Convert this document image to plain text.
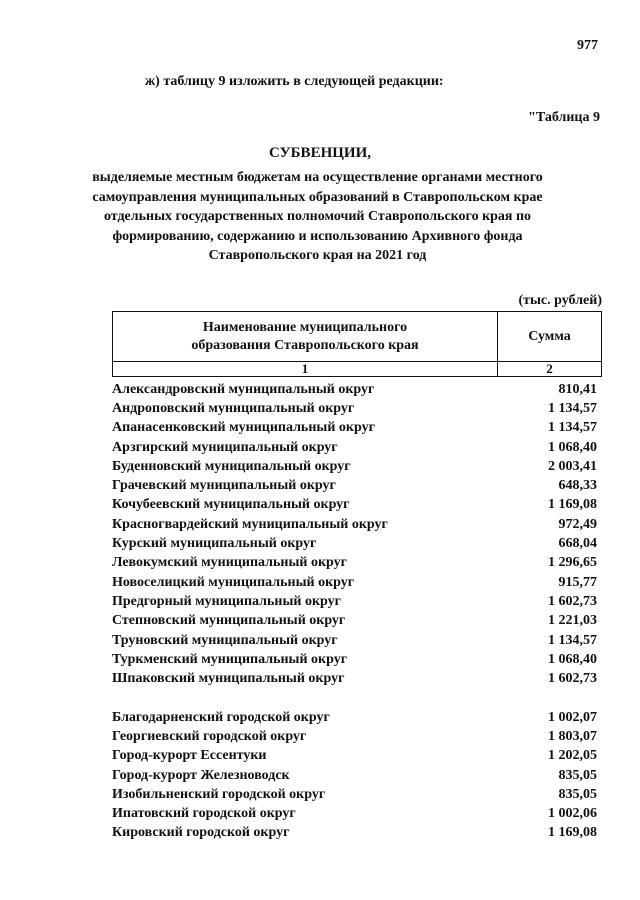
977
ж) таблицу 9 изложить в следующей редакции:
"Таблица 9
СУБВЕНЦИИ,
выделяемые местным бюджетам на осуществление органами местного
самоуправления муниципальных образований в Ставропольском крае
отдельных государственных полномочий Ставропольского края по
формированию, содержанию и использованию Архивного фонда
Ставропольского края на 2021 год
(тыс. рублей)
Наименование муниципального
образования Ставропольского края
Сумма
1	2
Александровский муниципальный округ	810,41
Андроповский муниципальный округ	1 134,57
Апанасенковский муниципальный округ	1 134,57
Арзгирский муниципальный округ	1 068,40
Буденновский муниципальный округ	2 003,41
Грачевский муниципальный округ	648,33
Кочубеевский муниципальный округ	1 169,08
Красногвардейский муниципальный округ	972,49
Курский муниципальный округ	668,04
Левокумский муниципальный округ	1 296,65
Новоселицкий муниципальный округ	915,77
Предгорный муниципальный округ	1 602,73
Степновский муниципальный округ	1 221,03
Труновский муниципальный округ	1 134,57
Туркменский муниципальный округ	1 068,40
Шпаковский муниципальный округ	1 602,73
Благодарненский городской округ	1 002,07
Георгиевский городской округ	1 803,07
Город-курорт Ессентуки	1 202,05
Город-курорт Железноводск	835,05
Изобильненский городской округ	835,05
Ипатовский городской округ	1 002,06
Кировский городской округ	1 169,08
